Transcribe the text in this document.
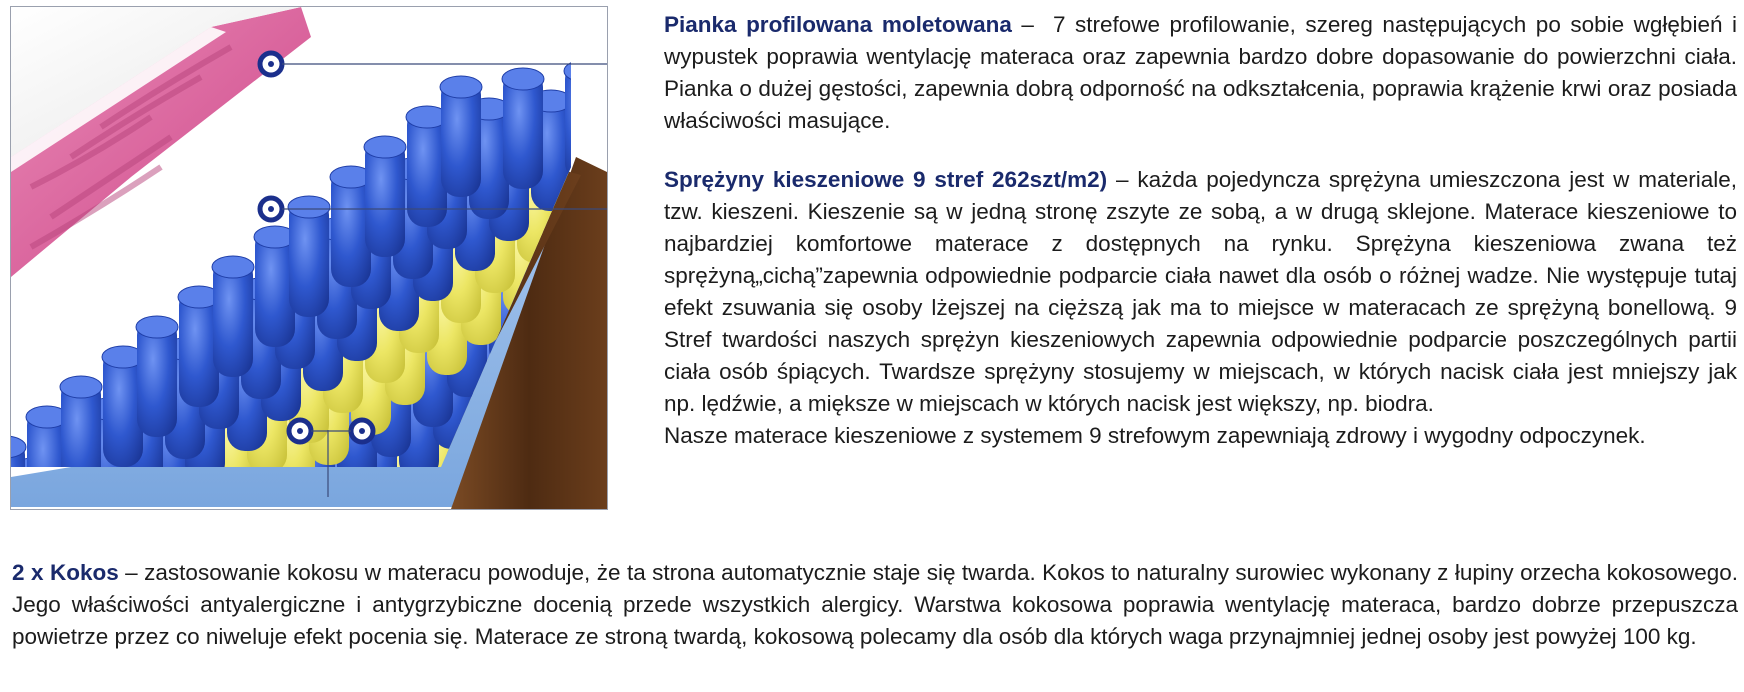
Pianka profilowana moletowana –  7 strefowe profilowanie, szereg następujących po sobie wgłębień i wypustek poprawia wentylację materaca oraz zapewnia bardzo dobre dopasowanie do powierzchni ciała. Pianka o dużej gęstości, zapewnia dobrą odporność na odkształcenia, poprawia krążenie krwi oraz posiada właściwości masujące.

Sprężyny kieszeniowe 9 stref 262szt/m2) – każda pojedyncza sprężyna umieszczona jest w materiale, tzw. kieszeni. Kieszenie są w jedną stronę zszyte ze sobą, a w drugą sklejone. Materace kieszeniowe to najbardziej komfortowe materace z dostępnych na rynku. Sprężyna kieszeniowa zwana też sprężyną„cichą”zapewnia odpowiednie podparcie ciała nawet dla osób o różnej wadze. Nie występuje tutaj efekt zsuwania się osoby lżejszej na cięższą jak ma to miejsce w materacach ze sprężyną bonellową. 9 Stref twardości naszych sprężyn kieszeniowych zapewnia odpowiednie podparcie poszczególnych partii ciała osób śpiących. Twardsze sprężyny stosujemy w miejscach, w których nacisk ciała jest mniejszy jak np. lędźwie, a miększe w miejscach w których nacisk jest większy, np. biodra.
Nasze materace kieszeniowe z systemem 9 strefowym zapewniają zdrowy i wygodny odpoczynek.

2 x Kokos – zastosowanie kokosu w materacu powoduje, że ta strona automatycznie staje się twarda. Kokos to naturalny surowiec wykonany z łupiny orzecha kokosowego. Jego właściwości antyalergiczne i antygrzybiczne docenią przede wszystkich alergicy. Warstwa kokosowa poprawia wentylację materaca, bardzo dobrze przepuszcza powietrze przez co niweluje efekt pocenia się. Materace ze stroną twardą, kokosową polecamy dla osób dla których waga przynajmniej jednej osoby jest powyżej 100 kg.
